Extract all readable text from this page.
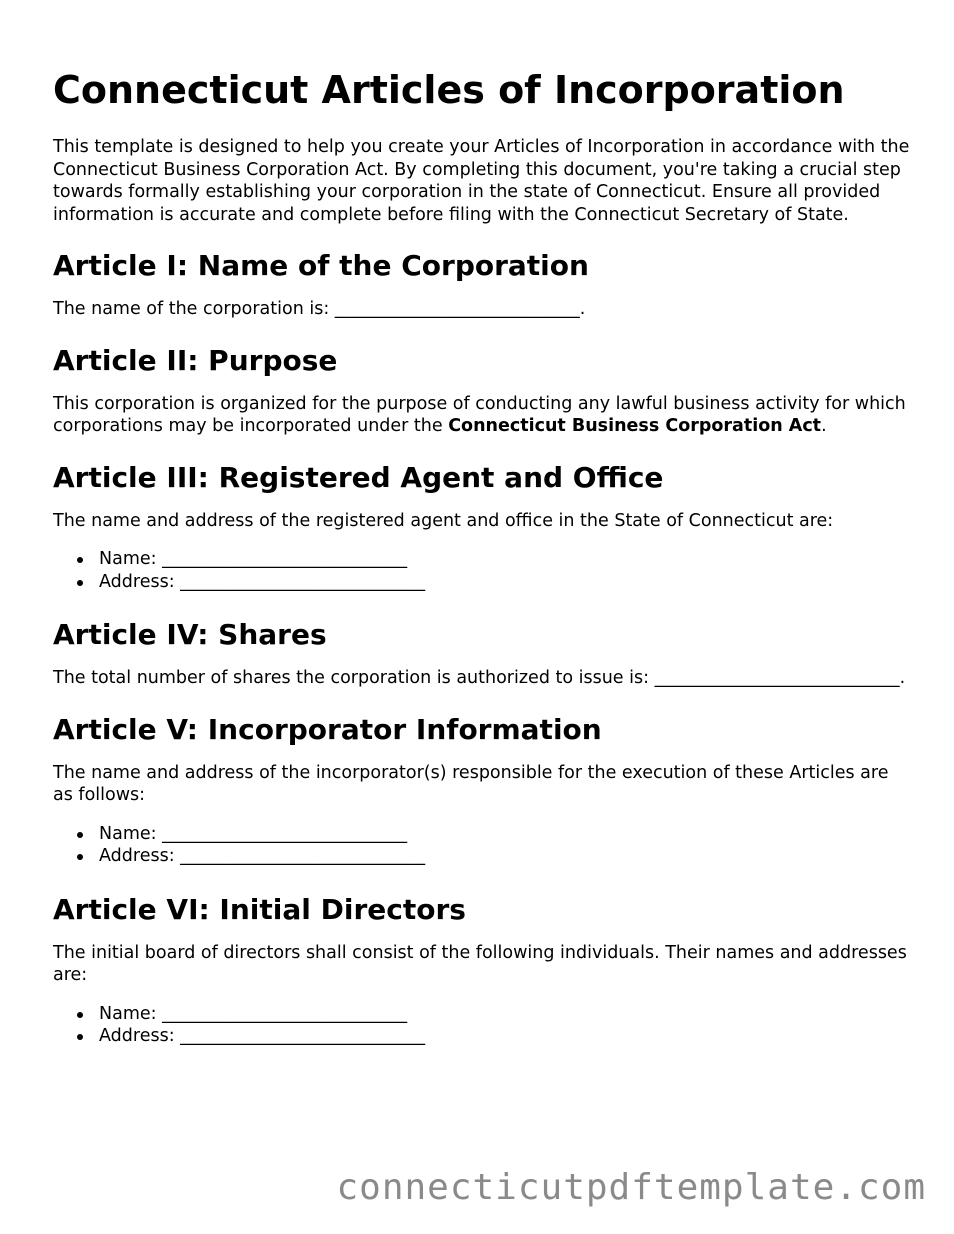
Connecticut Articles of Incorporation

This template is designed to help you create your Articles of Incorporation in accordance with the Connecticut Business Corporation Act. By completing this document, you're taking a crucial step towards formally establishing your corporation in the state of Connecticut. Ensure all provided information is accurate and complete before filing with the Connecticut Secretary of State.

Article I: Name of the Corporation

The name of the corporation is: ____________________________.

Article II: Purpose

This corporation is organized for the purpose of conducting any lawful business activity for which corporations may be incorporated under the Connecticut Business Corporation Act.

Article III: Registered Agent and Office

The name and address of the registered agent and office in the State of Connecticut are:

Name: ____________________________
Address: ____________________________
Article IV: Shares

The total number of shares the corporation is authorized to issue is: ____________________________.

Article V: Incorporator Information

The name and address of the incorporator(s) responsible for the execution of these Articles are as follows:

Name: ____________________________
Address: ____________________________
Article VI: Initial Directors

The initial board of directors shall consist of the following individuals. Their names and addresses are:

Name: ____________________________
Address: ____________________________
connecticutpdftemplate.com
